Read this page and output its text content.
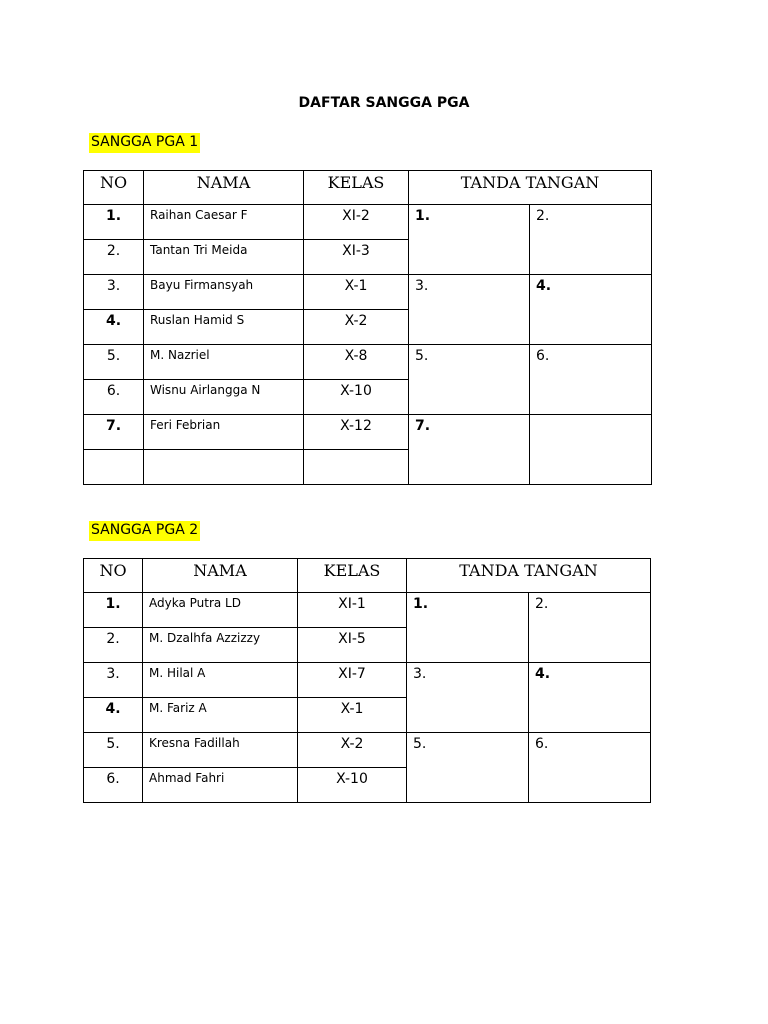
DAFTAR SANGGA PGA
SANGGA PGA 1
NO	NAMA	KELAS	TANDA TANGAN	
1.	Raihan Caesar F	XI-2	1.	2.
2.	Tantan Tri Meida	XI-3		
3.	Bayu Firmansyah	X-1	3.	4.
4.	Ruslan Hamid S	X-2		
5.	M. Nazriel	X-8	5.	6.
6.	Wisnu Airlangga N	X-10		
7.	Feri Febrian	X-12	7.	

SANGGA PGA 2
NO	NAMA	KELAS	TANDA TANGAN	
1.	Adyka Putra LD	XI-1	1.	2.
2.	M. Dzalhfa Azzizzy	XI-5		
3.	M. Hilal A	XI-7	3.	4.
4.	M. Fariz A	X-1		
5.	Kresna Fadillah	X-2	5.	6.
6.	Ahmad Fahri	X-10		
